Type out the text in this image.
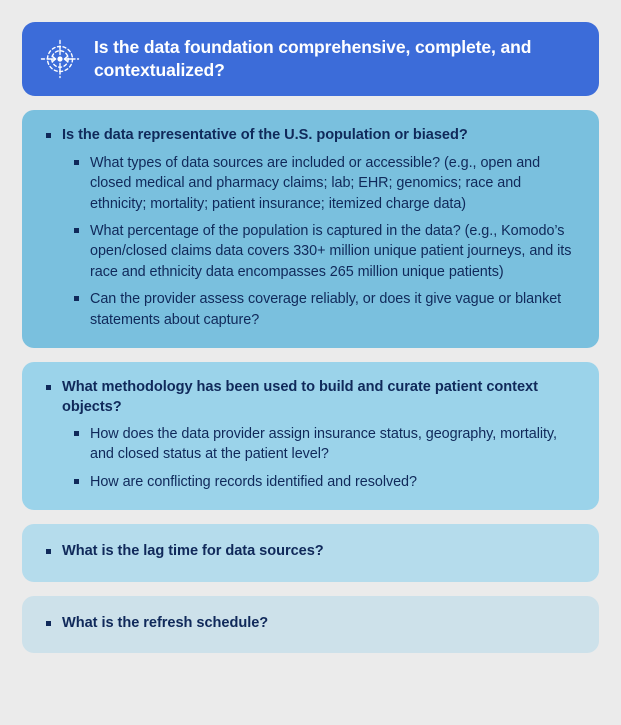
Is the data foundation comprehensive, complete, and contextualized?
Is the data representative of the U.S. population or biased?
What types of data sources are included or accessible? (e.g., open and closed medical and pharmacy claims; lab; EHR; genomics; race and ethnicity; mortality; patient insurance; itemized charge data)
What percentage of the population is captured in the data? (e.g., Komodo’s open/closed claims data covers 330+ million unique patient journeys, and its race and ethnicity data encompasses 265 million unique patients)
Can the provider assess coverage reliably, or does it give vague or blanket statements about capture?
What methodology has been used to build and curate patient context objects?
How does the data provider assign insurance status, geography, mortality, and closed status at the patient level?
How are conflicting records identified and resolved?
What is the lag time for data sources?
What is the refresh schedule?
